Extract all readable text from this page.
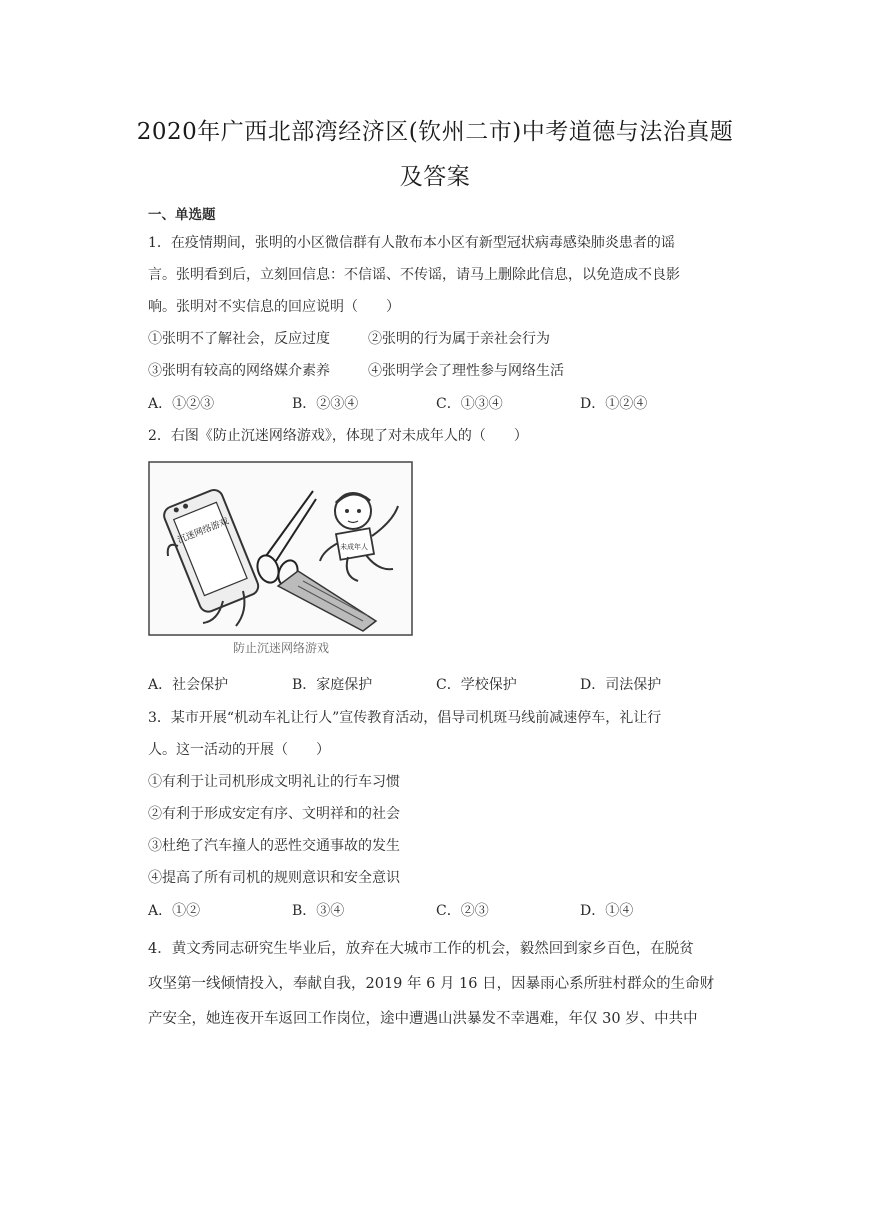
2020年广西北部湾经济区(钦州二市)中考道德与法治真题
及答案
一、单选题
1．在疫情期间，张明的小区微信群有人散布本小区有新型冠状病毒感染肺炎患者的谣
言。张明看到后，立刻回信息：不信谣、不传谣，请马上删除此信息，以免造成不良影
响。张明对不实信息的回应说明（　　）
①张明不了解社会，反应过度	②张明的行为属于亲社会行为
③张明有较高的网络媒介素养	④张明学会了理性参与网络生活
A．①②③	B．②③④	C．①③④	D．①②④
2．右图《防止沉迷网络游戏》，体现了对未成年人的（　　）
沉迷网络游戏
未成年人
防止沉迷网络游戏
A．社会保护	B．家庭保护	C．学校保护	D．司法保护
3．某市开展“机动车礼让行人”宣传教育活动，倡导司机斑马线前减速停车，礼让行
人。这一活动的开展（　　）
①有利于让司机形成文明礼让的行车习惯
②有利于形成安定有序、文明祥和的社会
③杜绝了汽车撞人的恶性交通事故的发生
④提高了所有司机的规则意识和安全意识
A．①②	B．③④	C．②③	D．①④
4．黄文秀同志研究生毕业后，放弃在大城市工作的机会，毅然回到家乡百色，在脱贫
攻坚第一线倾情投入，奉献自我，2019 年 6 月 16 日，因暴雨心系所驻村群众的生命财
产安全，她连夜开车返回工作岗位，途中遭遇山洪暴发不幸遇难，年仅 30 岁、中共中
